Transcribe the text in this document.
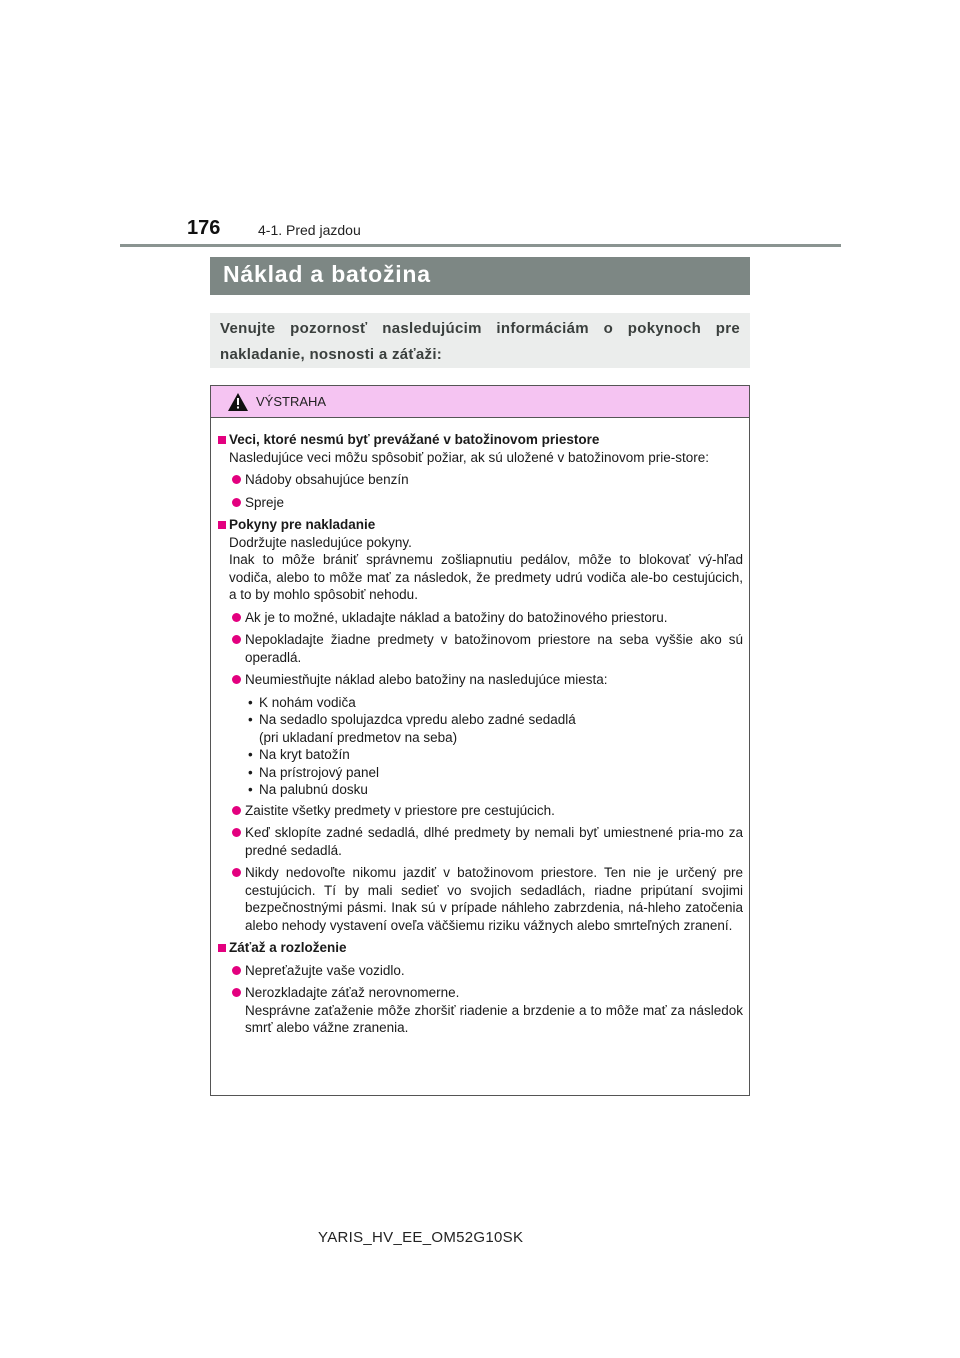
176	4-1. Pred jazdou
Náklad a batožina

Venujte pozornosť nasledujúcim informáciám o pokynoch pre nakladanie, nosnosti a záťaži:

VÝSTRAHA
Veci, ktoré nesmú byť prevážané v batožinovom priestore
Nasledujúce veci môžu spôsobiť požiar, ak sú uložené v batožinovom prie-store:
Nádoby obsahujúce benzín
Spreje
Pokyny pre nakladanie
Dodržujte nasledujúce pokyny.
Inak to môže brániť správnemu zošliapnutiu pedálov, môže to blokovať vý-hľad vodiča, alebo to môže mať za následok, že predmety udrú vodiča ale-bo cestujúcich, a to by mohlo spôsobiť nehodu.
Ak je to možné, ukladajte náklad a batožiny do batožinového priestoru.
Nepokladajte žiadne predmety v batožinovom priestore na seba vyššie ako sú operadlá.
Neumiestňujte náklad alebo batožiny na nasledujúce miesta:
• K nohám vodiča
• Na sedadlo spolujazdca vpredu alebo zadné sedadlá
(pri ukladaní predmetov na seba)
• Na kryt batožín
• Na prístrojový panel
• Na palubnú dosku
Zaistite všetky predmety v priestore pre cestujúcich.
Keď sklopíte zadné sedadlá, dlhé predmety by nemali byť umiestnené pria-mo za predné sedadlá.
Nikdy nedovoľte nikomu jazdiť v batožinovom priestore. Ten nie je určený pre cestujúcich. Tí by mali sedieť vo svojich sedadlách, riadne pripútaní svojimi bezpečnostnými pásmi. Inak sú v prípade náhleho zabrzdenia, ná-hleho zatočenia alebo nehody vystavení oveľa väčšiemu riziku vážnych alebo smrteľných zranení.
Záťaž a rozloženie
Nepreťažujte vaše vozidlo.
Nerozkladajte záťaž nerovnomerne.
Nesprávne zaťaženie môže zhoršiť riadenie a brzdenie a to môže mať za následok smrť alebo vážne zranenia.
YARIS_HV_EE_OM52G10SK
